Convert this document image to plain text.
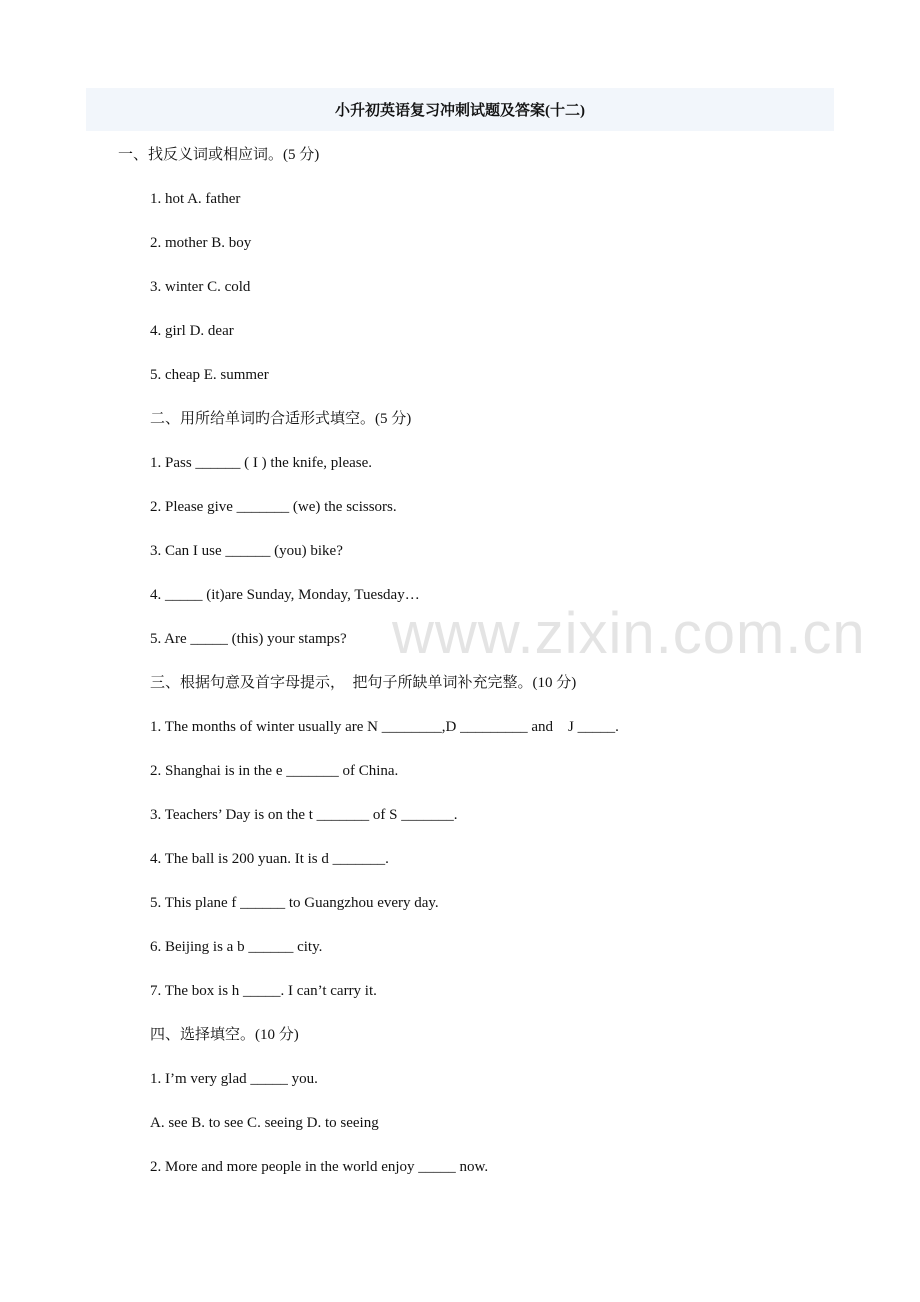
小升初英语复习冲刺试题及答案(十二)
一、找反义词或相应词。(5 分)
1. hot A. father
2. mother B. boy
3. winter C. cold
4. girl D. dear
5. cheap E. summer
二、用所给单词旳合适形式填空。(5 分)
1. Pass ______ ( I ) the knife, please.
2. Please give _______ (we) the scissors.
3. Can I use ______ (you) bike?
4. _____ (it)are Sunday, Monday, Tuesday…
5. Are _____ (this) your stamps?
三、根据句意及首字母提示，  把句子所缺单词补充完整。(10 分)
1. The months of winter usually are N ________,D _________ and    J _____.
2. Shanghai is in the e _______ of China.
3. Teachers’ Day is on the t _______ of S _______.
4. The ball is 200 yuan. It is d _______.
5. This plane f ______ to Guangzhou every day.
6. Beijing is a b ______ city.
7. The box is h _____. I can’t carry it.
四、选择填空。(10 分)
1. I’m very glad _____ you.
A. see B. to see C. seeing D. to seeing
2. More and more people in the world enjoy _____ now.
www.zixin.com.cn
